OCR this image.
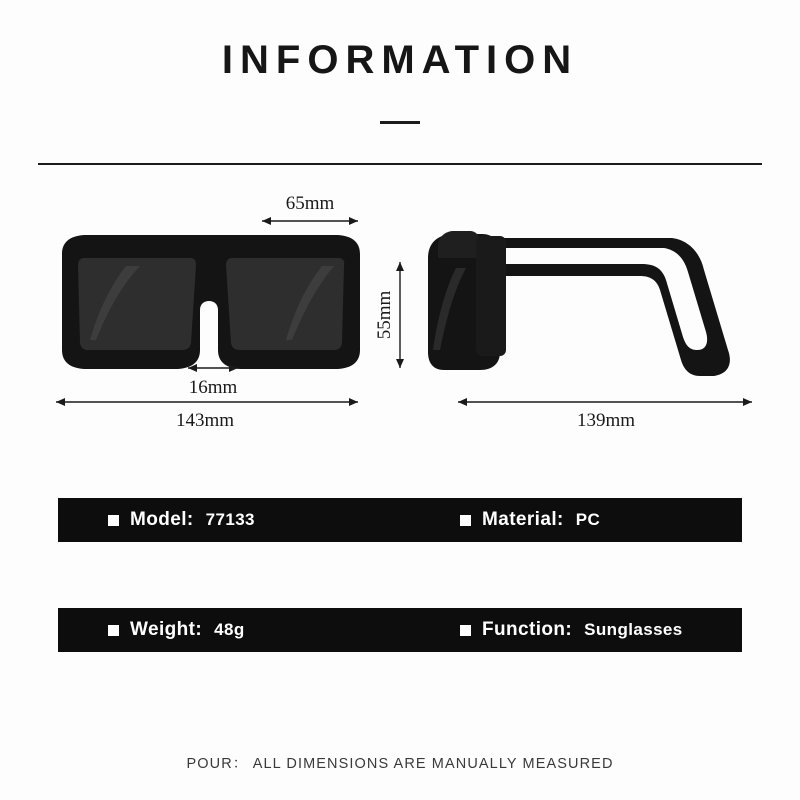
INFORMATION
65mm
16mm
143mm
55mm
139mm
Model: 77133	Material: PC
Weight: 48g	Function: Sunglasses
POUR： ALL DIMENSIONS ARE MANUALLY MEASURED
